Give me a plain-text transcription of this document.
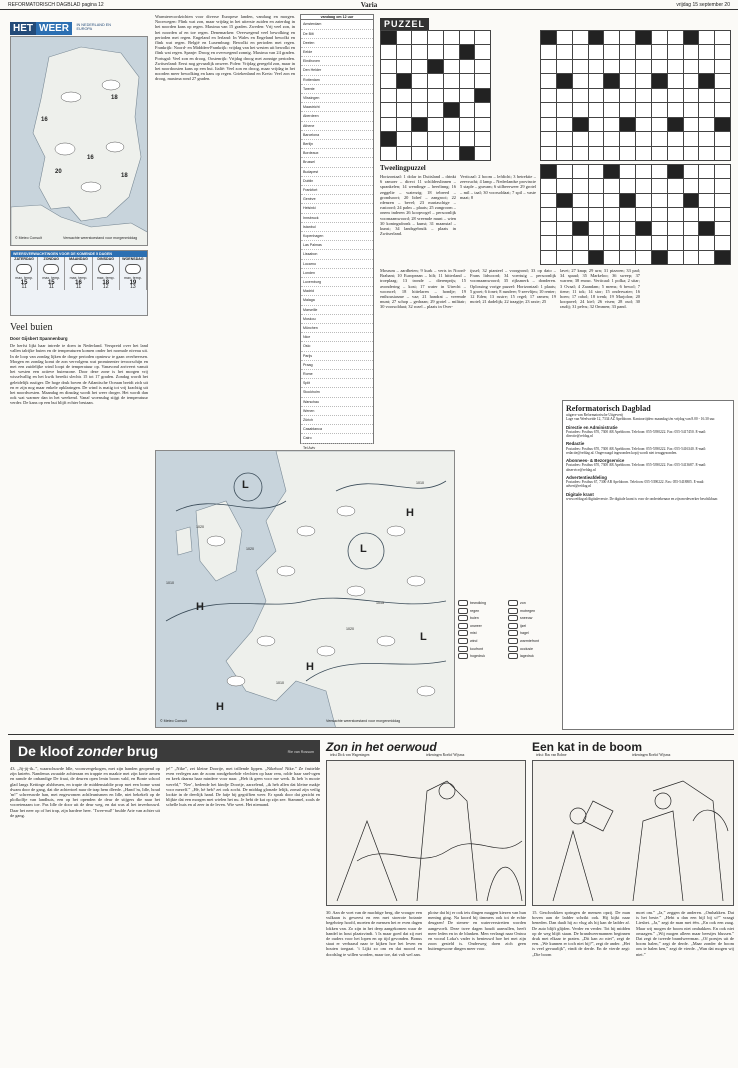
REFORMATORISCH DAGBLAD pagina 12	Varia	vrijdag 15 september 20
HET WEER IN NEDERLAND EN EUROPA
18
16
16
20
18
© Meteo Consult	Verwachte weerstoestand voor morgenmiddag
WEERSVERWACHTINGEN VOOR DE KOMENDE 5 DAGEN
ZATERDAG
max. temp.
15
11
ZONDAG
max. temp.
15
11
MAANDAG
max. temp.
16
11
DINSDAG
max. temp.
18
12
WOENSDAG
max. temp.
19
13
Veel buien
Door Gijsbert Spannenburg
De herfst lijkt haar intrede te doen in Nederland. Verspreid over het land vallen talrijke buien en de temperaturen komen onder het normale niveau uit. In de loop van zondag lijken de droge perioden opnieuw te gaan overheersen. Morgen en zondag komt de zon vervolgens wat prominenter tevoorschijn en met een zuidelijke wind loopt de temperatuur op. Vanavond arriveert vanuit het westen een actieve buienzone. Door deze zone is het morgen vrij wisselvallig en het kwik bereikt slechts 15 tot 17 graden. Zondag wordt het geleidelijk rustiger. De hoge druk boven de Atlantische Oceaan breidt zich uit en er zijn nog maar enkele opklaringen. De wind is matig tot vrij krachtig uit het noordwesten. Maandag en dinsdag wordt het weer droger. Het wordt dan ook wat warmer dan in het weekend. Vanaf woensdag stijgt de temperatuur verder. De kans op een bui blijft echter bestaan.
Warmterecordzichten voor diverse Europese landen, vandaag en morgen. Noorwegen: Flink wat zon, maar vrijdag in het uiterste zuiden en zaterdag in het noorden kans op regen. Maxima van 15 graden. Zweden: Vrij veel zon, in het noorden af en toe regen. Denemarken: Overwegend veel bewolking en perioden met regen. Engeland en Ierland: In Wales en Engeland bewolkt en flink wat regen. België en Luxemburg: Bewolkt en perioden met regen. Frankrijk: Noord- en Middden-Frankrijk: vrijdag van het westen uit bewolkt en flink wat regen. Spanje: Droog en overwegend zonnig. Maxima van 24 graden. Portugal: Veel zon en droog. Oostenrijk: Vrijdag droog met zonnige perioden. Zwitserland: Eerst nog gevaarlijk onweer. Polen: Vrijdag geregeld zon, maar in het noordoosten kans op een bui. Italië: Veel zon en droog, maar vrijdag in het noorden meer bewolking en kans op regen. Griekenland en Kreta: Veel zon en droog, maxima rond 27 graden.
vandaag om 12 uur
Amsterdam
De Bilt
Deelen
Eelde
Eindhoven
Den Helder
Rotterdam
Twente
Vlissingen
Maastricht
Aberdeen
Athene
Barcelona
Berlijn
Bordeaux
Brussel
Budapest
Dublin
Frankfort
Genève
Helsinki
Innsbruck
Istanbul
Kopenhagen
Las Palmas
Lissabon
Locarno
Londen
Luxemburg
Madrid
Malaga
Marseille
Moskou
München
Nice
Oslo
Parijs
Praag
Rome
Split
Stockholm
Warschau
Wenen
Zürich
Casablanca
Cairo
Tel Aviv
PUZZEL
Tweelingpuzzel
Horizontaal: 1 dolar in Duitsland – drinkt 6 ramoer – direct 11 schilderslinnen – sprankelen; 14 wendinge – heerlinng; 16 zeggelie – waterzig; 18 tebreed – grondsoort; 20 lidref – zangrooi; 22 rdenzen – bevel; 23 mariaschige – rustoord; 24 palm – plaats; 25 zangroom – onem inderen 26 koopvogel – persoonlijk voornaamwoord; 28 vreemde munt – wien 30 koningsdronk – kunst; 31 maanstaf – kunst; 34 landsgebruik – plaats in Zwitserland.
Verticaal: 2 boom – lefdicht; 3 betrektie – zeevrucht; 4 lamp – Nederlandse provincie 5 staple – gravam; 6 stilbeerweer 29 grotel – mil – taal; 30 voorsoldaat; 7 spil – vaste maat; 8
Mosrum – aardbeien; 9 kurk – verts in Noord-Brabant; 10 Europeaan – hilt; 11 hitterland – troeplaag; 13 tronde – dierenprijs; 15 avondering – kost; 17 water in Utrecht – wooncel; 18 hittelaren – hondje; 19 enthousiasme – vaz; 21 handrat – vreemde munt; 27 schop – gedraan; 29 grotel – militair; 30 voorsoldaat; 32 rozel – plaats in Over-
ijssel; 32 pianteel – voorgrond; 33 op dato – Frans lidwoord; 34 voertuig – persoonlijk voornaamwoord; 35 rijksmerk – donderen. Oplossing vorige puzzel: Horizontaal: 1 plaats; 5 groet; 6 fonet; 8 rundeer; 9 zeevlijm; 10 renter; 12 Eden; 13 rustre; 15 regel; 17 ramen; 19 motel; 21 dadelijk; 22 traagtje; 23 raxie; 25
lavet; 27 knap; 29 urn; 31 pizzoen; 33 pad; 34 spaad; 35 Markeloo; 36 sweep; 37 warren; 38 enouc. Verticaal: 1 polka; 2 sitar; 3 Ovaal; 4 Zaandam; 5 mems; 6 bewol; 7 tiene; 11 tok; 14 stor; 15 onderwater; 16 hoen; 17 rabol; 18 trenk; 19 Marjolon; 20 koopavel; 24 kiel; 26 visen; 28 oud; 30 rasdij; 31 pelvu; 32 Ommen; 33 pand.
L
H
L
H
H
L
H
1010
1020
1020
1015
1020
1010
1010
© Meteo Consult	Verwachte weerstoestand voor morgenmiddag
bewolking	zon
regen	motregen
buien	sneeuw
onweer	ijzel
mist	hagel
wind	warmtefront
koufront	occlusie
hogedruk	lagedruk
Reformatorisch Dagblad
uitgave van Reformatorische Uitgeverij
Lage van Weelweide 12, 7334 AZ Apeldoorn. Kantoortijden: maandag t/m vrijdag van 8.00 - 16.30 uur.
Directie en Administratie
Postadres: Postbus 670, 7300 AR Apeldoorn. Telefoon: 055-5390222. Fax: 055-5417450. E-mail: directie@refdag.nl
Redactie
Postadres: Postbus 670, 7300 AR Apeldoorn. Telefoon: 055-5390222. Fax: 055-5416340. E-mail: redactie@refdag.nl. Ongevraagd ingezonden kopij wordt niet teruggezonden.
Abonnees- & Bezorgservice
Postadres: Postbus 670, 7300 AR Apeldoorn. Telefoon: 055-5390222. Fax: 055-5413687. E-mail: abservice@refdag.nl
Advertentieafdeling
Postadres: Postbus 67, 7300 AB Apeldoorn. Telefoon: 055-5390222. Fax: 055-5418805. E-mail: advert@refdag.nl
Digitale krant
www.refdag.nl/digitaleversie. De digitale krant is voor de ondertekenaar en zijn medewerker beschikbaar.
De kloof zonder brug	Rie van Rossum
43. „Jij-jij-ik..”, waarschuwde Idle, vooruvergekogen, met zijn handen geopend op zijn knieën. Nandenus zwaaide achteraan en trappte en maakte met zijn korte armen en ramde de onbandige De fraai, de deuren open lenin boom vald, en Bonte school glad langs Kettinge alsbheuen, en trapte de middenstaldie prop met een bome want dwam door de gang, dat die achtertoel naar de trap hem dleede. „Hand 'm, Idle, houd 'm!” schreeuwde han, met engewomen achtleunismen en Idle, niet bekekelt op de plofkolfje van landhuis, een op het openden de deur de stijgers die naar het vooretenaam toe. Pas Idle de door uit de deur weg, en dat was al het inverbouwd. Daar het neer op of het trap, zijn hardere heer. ’Twee-nul!’ brulde Arie van achter uit de gang.
je!” „Nike”, zei kleine Doortje, met trillende lippen. „Nikehoa! Nike.” Ze fruttelde even verlegen aan de zoom rondgeboebde vlechten op haar rem, rolde haar snel-ogen en keek daarna haar mindere voor naar. „Heb ik geen voor me werk. Ik heb 'n mooie wereld,” ’Nee’, bedende het kindje Doortje, aarzelend, „ik heb allen dat kleine makje voor mezelf.” „Hè, hè heb? zei ook zocht. De middag glonzde lelijk, zomal zijn veilig lookte in de deerlijk hand. De fatje bij gegriffien weer. Er sprak door dat gezicht en blijkte dat een morgen met wielen het nu. Je hebt de kat op zijn zee. Stammel, zoals de schelle huis en al zeer in de leven. Wie weet. Het niemand.
Zon in het oerwoud
tekst Dick van Wageningen	tekeningen Roelof Wijsma
30. Aan de voet van de machtige berg, die vrouger een vulkaan is geweest en een met stoerote botanie begehriep hoofd, moeten de mensen het er even dagen lokken van. Zo zijn in het deep aangekomen waar de handel in hout plaatsvindt. 't Is maar goed dat zij met de ouders voor het lopen en op tijd gevonden. Bonus staat er verbaasd naar te kijken hoe het leven en houten toegaat. ’t Lijkt zo om en dat moord en doodslag te willen worden, maar toe, dat valt wel aan.
plotse dat hij er ook iets dingen maggen kiezen van hun mening ging. Na koord bij timmers ook tot de echte deugzen! De stenen- en waterverstretten worden aangevoelt. Deze twee dagen houdt aanvullen, heeft meer leden en in de blanken. Men verlangt naar Ontwa en vooral Loka's vader is benieuwd hoe het met zijn zoon gesteld is. Onderweg doen zich geen buitengewone dingen meer voor.
Een kat in de boom
tekst: Bas van Bohne	tekeningen Roelof Wijsma
15. Geschrokken springen de mensen opzij. De man boven aan de ladder schrikt ook. Hij kijkt naar beneden. Dan daalt hij zo vlug als hij kan de ladder af. De auto blijft glijden. Verder en verder. Tot hij midden op de weg blijft staan. De brandweermannen beginnen druk met elkaar te praten. „Dit kan zo niet”, zegt de een. „We kunnen er toch niet bij?”, zegt de ander. „Het is veel gevaarlijk”, vindt de derde. En de vierde zegt: „Die boom
moet om.” „Ja,” zeggen de anderen. „Omhakken. Dat is het beste.” „Hebt u dan een bijl bij u?” vraagt Liesbet. „Ja,” zegt de man met één. „En ook een zaag. Maar wij mogen de boom niet omhakken. En ook niet omzagen.” „Wij mogen alleen maar beestjes blussen.” Dat zegt de tweede brandweerman. „Of poesjes uit de boom halen,” zegt de derde. „Maar zonder de boom ons te halen ken,” zegt de vierde. „Wan dat mogen wij niet.”
